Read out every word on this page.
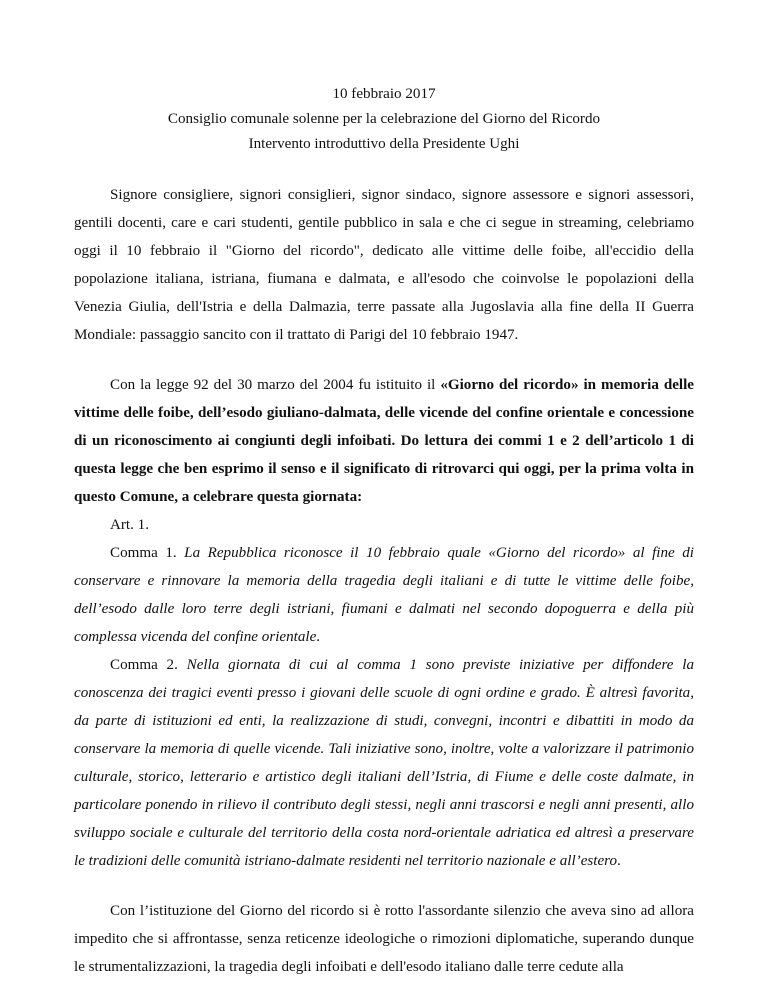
10 febbraio 2017
Consiglio comunale solenne per la celebrazione del Giorno del Ricordo
Intervento introduttivo della Presidente Ughi

Signore consigliere, signori consiglieri, signor sindaco, signore assessore e signori assessori, gentili docenti, care e cari studenti, gentile pubblico in sala e che ci segue in streaming, celebriamo oggi il 10 febbraio il "Giorno del ricordo", dedicato alle vittime delle foibe, all'eccidio della popolazione italiana, istriana, fiumana e dalmata, e all'esodo che coinvolse le popolazioni della Venezia Giulia, dell'Istria e della Dalmazia, terre passate alla Jugoslavia alla fine della II Guerra Mondiale: passaggio sancito con il trattato di Parigi del 10 febbraio 1947.

Con la legge 92 del 30 marzo del 2004 fu istituito il «Giorno del ricordo» in memoria delle vittime delle foibe, dell’esodo giuliano-dalmata, delle vicende del confine orientale e concessione di un riconoscimento ai congiunti degli infoibati. Do lettura dei commi 1 e 2 dell’articolo 1 di questa legge che ben esprimo il senso e il significato di ritrovarci qui oggi, per la prima volta in questo Comune, a celebrare questa giornata:

Art. 1.

Comma 1. La Repubblica riconosce il 10 febbraio quale «Giorno del ricordo» al fine di conservare e rinnovare la memoria della tragedia degli italiani e di tutte le vittime delle foibe, dell’esodo dalle loro terre degli istriani, fiumani e dalmati nel secondo dopoguerra e della più complessa vicenda del confine orientale.

Comma 2. Nella giornata di cui al comma 1 sono previste iniziative per diffondere la conoscenza dei tragici eventi presso i giovani delle scuole di ogni ordine e grado. È altresì favorita, da parte di istituzioni ed enti, la realizzazione di studi, convegni, incontri e dibattiti in modo da conservare la memoria di quelle vicende. Tali iniziative sono, inoltre, volte a valorizzare il patrimonio culturale, storico, letterario e artistico degli italiani dell’Istria, di Fiume e delle coste dalmate, in particolare ponendo in rilievo il contributo degli stessi, negli anni trascorsi e negli anni presenti, allo sviluppo sociale e culturale del territorio della costa nord-orientale adriatica ed altresì a preservare le tradizioni delle comunità istriano-dalmate residenti nel territorio nazionale e all’estero.

Con l’istituzione del Giorno del ricordo si è rotto l'assordante silenzio che aveva sino ad allora impedito che si affrontasse, senza reticenze ideologiche o rimozioni diplomatiche, superando dunque le strumentalizzazioni, la tragedia degli infoibati e dell'esodo italiano dalle terre cedute alla
